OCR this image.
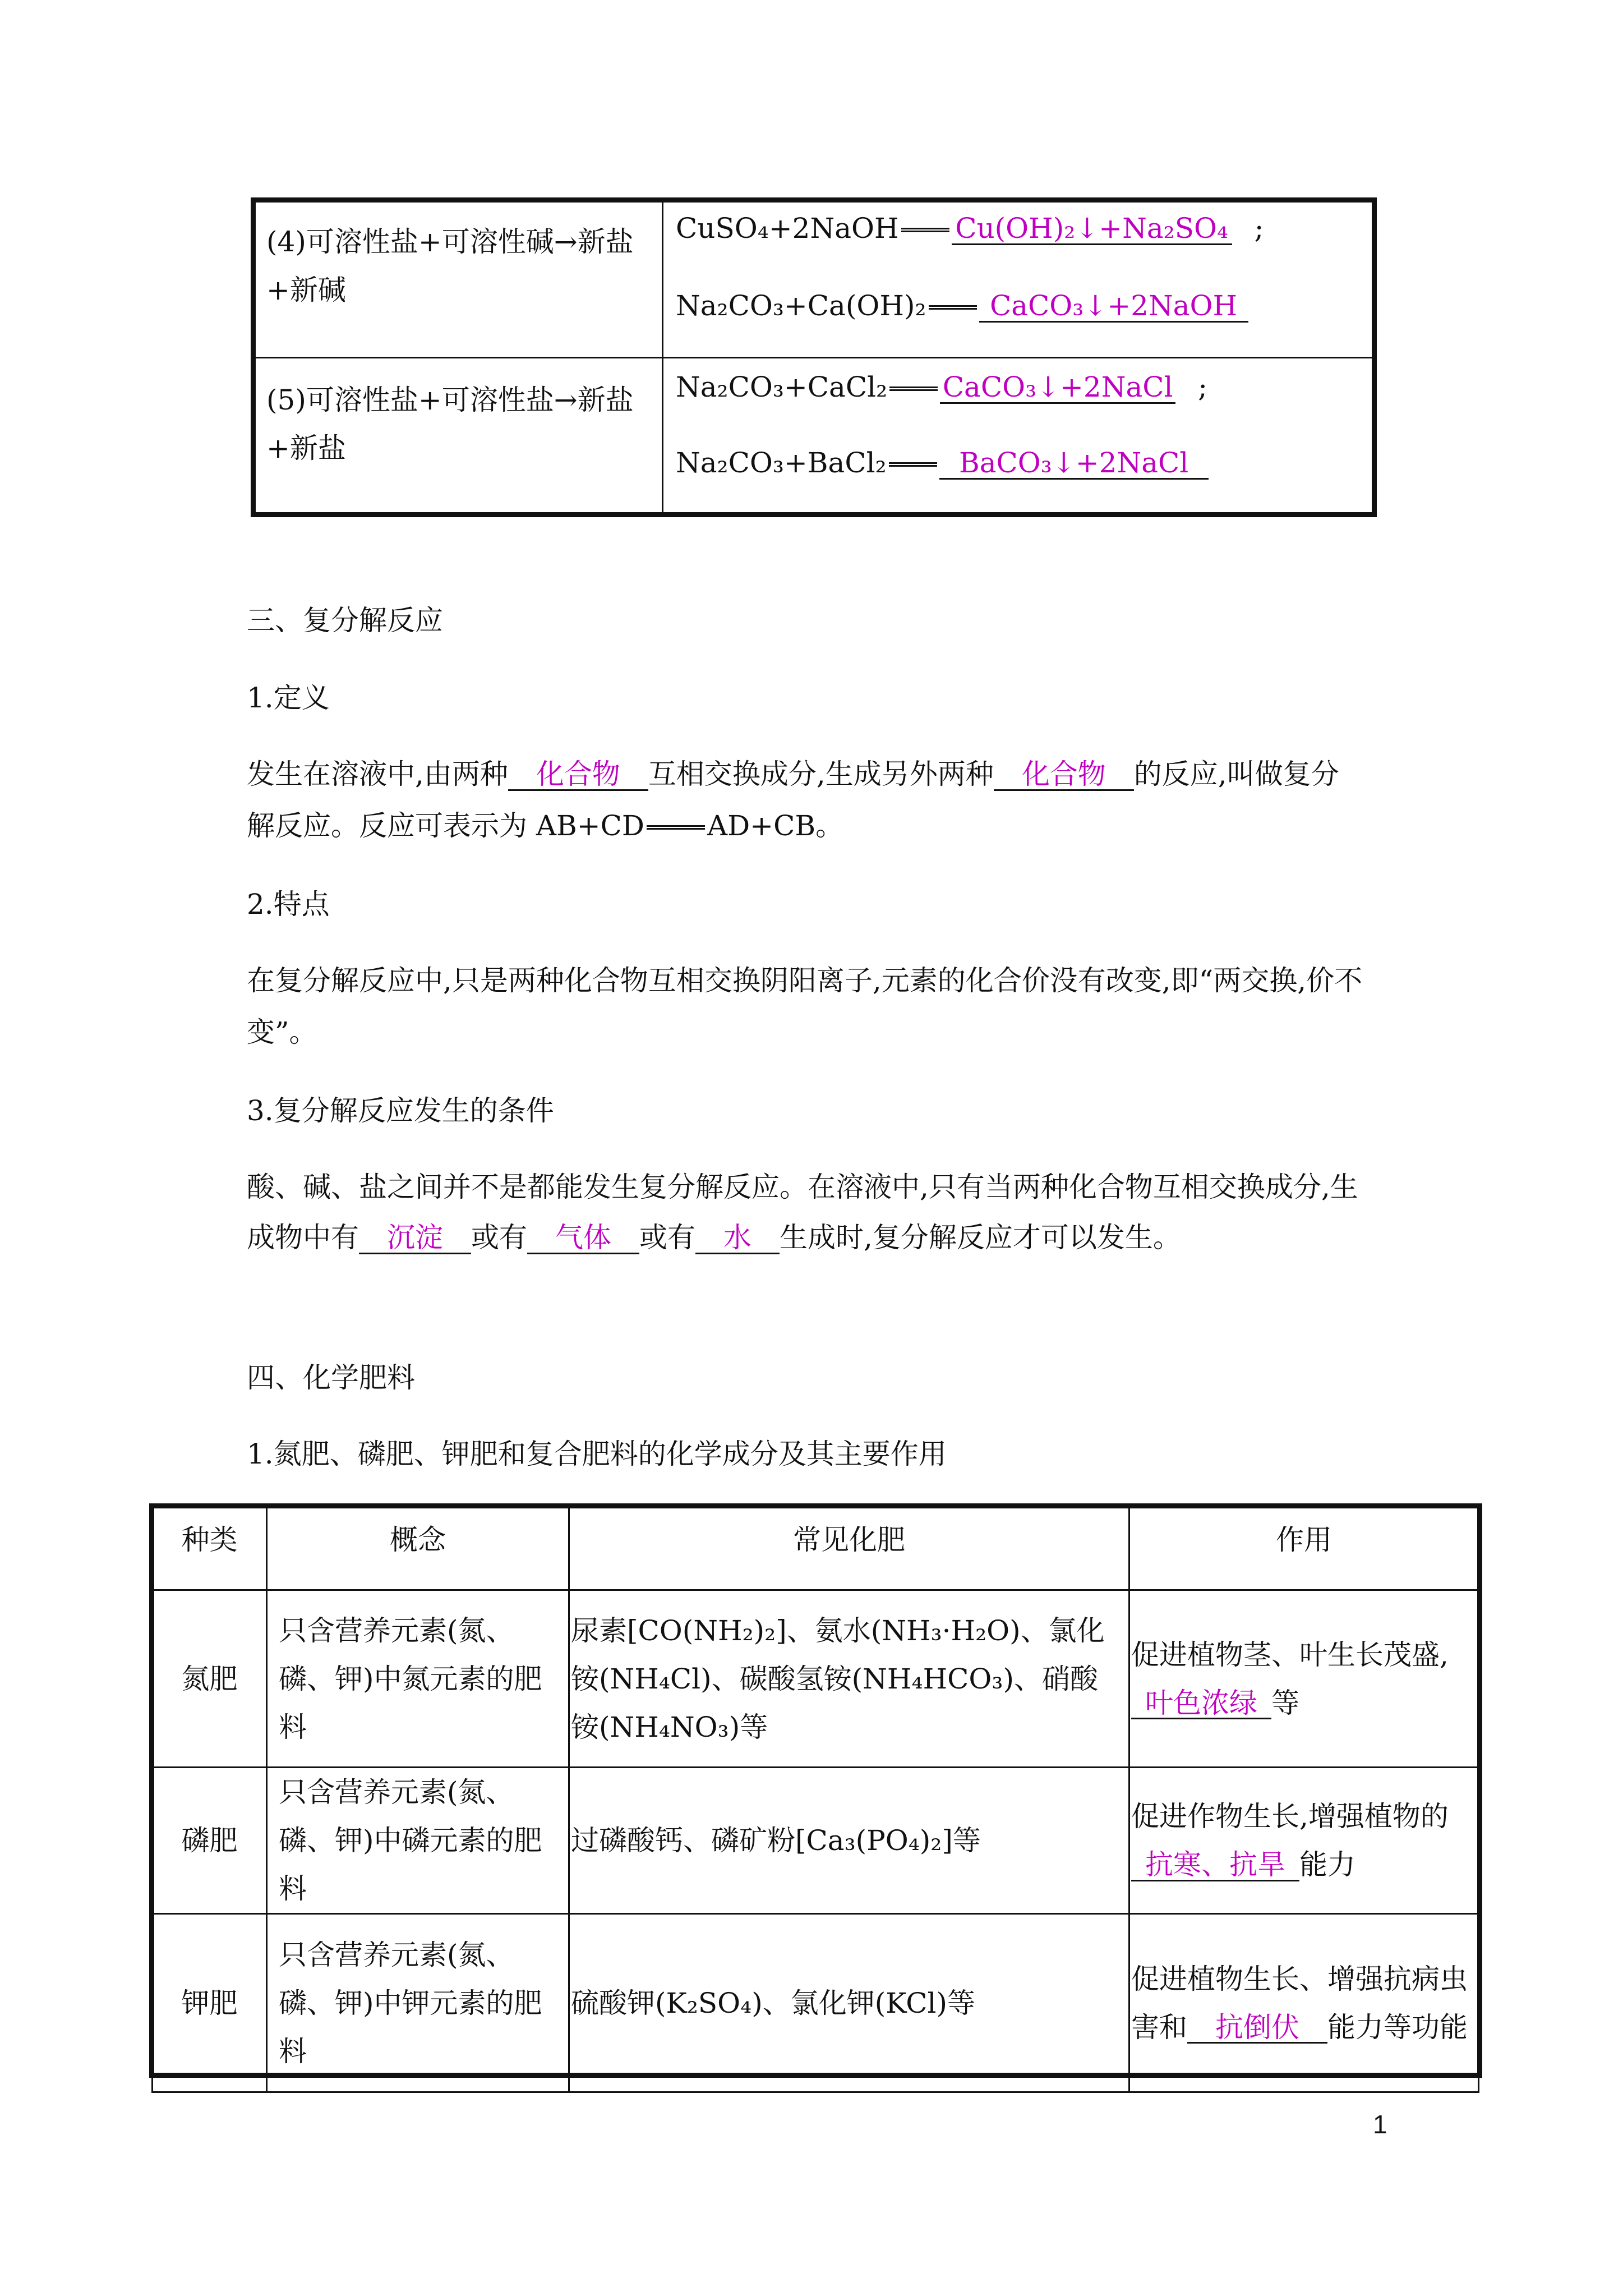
(4)可溶性盐+可溶性碱→新盐+新碱
CuSO₄+2NaOH Cu(OH)₂↓+Na₂SO₄ ;
Na₂CO₃+Ca(OH)₂ CaCO₃↓+2NaOH
(5)可溶性盐+可溶性盐→新盐+新盐
Na₂CO₃+CaCl₂ CaCO₃↓+2NaCl ;
Na₂CO₃+BaCl₂	BaCO₃↓+2NaCl
三、复分解反应
1.定义
发生在溶液中,由两种 化合物 互相交换成分,生成另外两种 化合物 的反应,叫做复分
解反应。反应可表示为 AB+CD AD+CB。
2.特点
在复分解反应中,只是两种化合物互相交换阴阳离子,元素的化合价没有改变,即“两交换,价不变”。
3.复分解反应发生的条件
酸、碱、盐之间并不是都能发生复分解反应。在溶液中,只有当两种化合物互相交换成分,生
成物中有 沉淀 或有 气体 或有 水 生成时,复分解反应才可以发生。
四、化学肥料
1.氮肥、磷肥、钾肥和复合肥料的化学成分及其主要作用
种类	概念	常见化肥	作用
氮肥	只含营养元素(氮、磷、钾)中氮元素的肥料	尿素[CO(NH₂)₂]、氨水(NH₃·H₂O)、氯化铵(NH₄Cl)、碳酸氢铵(NH₄HCO₃)、硝酸铵(NH₄NO₃)等	促进植物茎、叶生长茂盛,叶色浓绿 等
磷肥	只含营养元素(氮、磷、钾)中磷元素的肥料	过磷酸钙、磷矿粉[Ca₃(PO₄)₂]等	促进作物生长,增强植物的抗寒、抗旱 能力
钾肥	只含营养元素(氮、磷、钾)中钾元素的肥料	硫酸钾(K₂SO₄)、氯化钾(KCl)等	促进植物生长、增强抗病虫害和 抗倒伏 能力等功能
1
